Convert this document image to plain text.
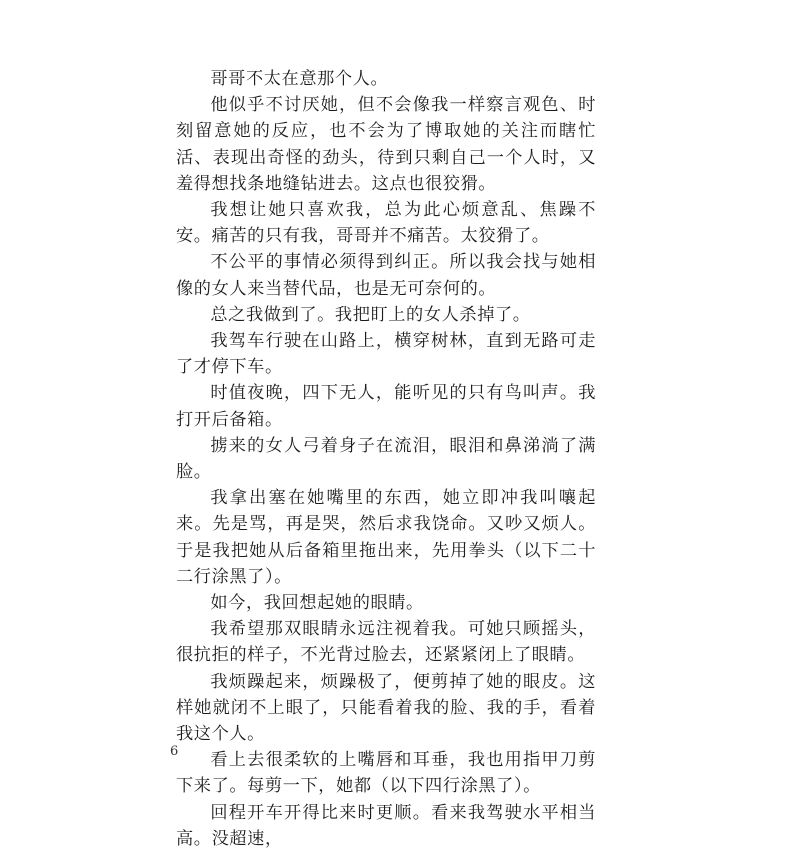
哥哥不太在意那个人。

他似乎不讨厌她，但不会像我一样察言观色、时刻留意她的反应，也不会为了博取她的关注而瞎忙活、表现出奇怪的劲头，待到只剩自己一个人时，又羞得想找条地缝钻进去。这点也很狡猾。

我想让她只喜欢我，总为此心烦意乱、焦躁不安。痛苦的只有我，哥哥并不痛苦。太狡猾了。

不公平的事情必须得到纠正。所以我会找与她相像的女人来当替代品，也是无可奈何的。

总之我做到了。我把盯上的女人杀掉了。

我驾车行驶在山路上，横穿树林，直到无路可走了才停下车。

时值夜晚，四下无人，能听见的只有鸟叫声。我打开后备箱。

掳来的女人弓着身子在流泪，眼泪和鼻涕淌了满脸。

我拿出塞在她嘴里的东西，她立即冲我叫嚷起来。先是骂，再是哭，然后求我饶命。又吵又烦人。于是我把她从后备箱里拖出来，先用拳头（以下二十二行涂黑了）。

如今，我回想起她的眼睛。

我希望那双眼睛永远注视着我。可她只顾摇头，很抗拒的样子，不光背过脸去，还紧紧闭上了眼睛。

我烦躁起来，烦躁极了，便剪掉了她的眼皮。这样她就闭不上眼了，只能看着我的脸、我的手，看着我这个人。

看上去很柔软的上嘴唇和耳垂，我也用指甲刀剪下来了。每剪一下，她都（以下四行涂黑了）。

回程开车开得比来时更顺。看来我驾驶水平相当高。没超速，

6
